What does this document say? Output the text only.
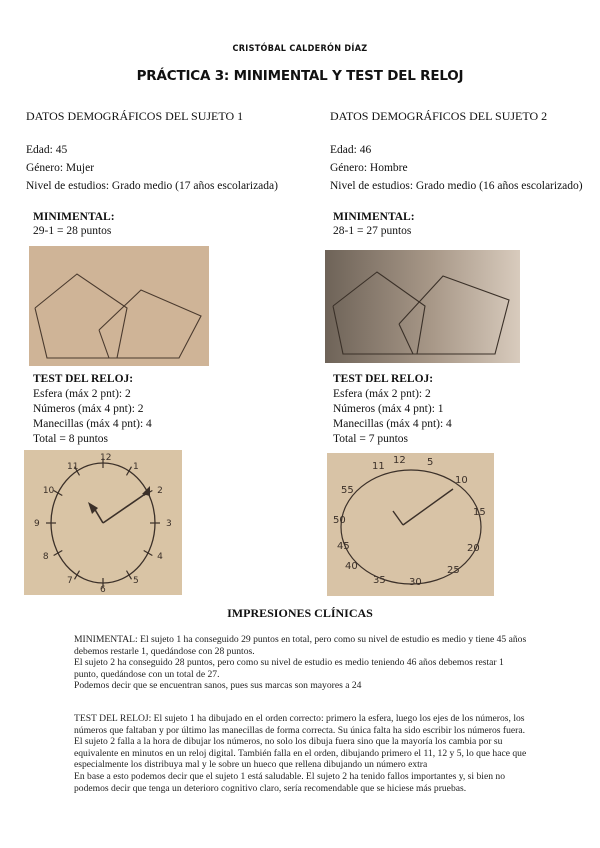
CRISTÓBAL CALDERÓN DÍAZ
PRÁCTICA 3: MINIMENTAL Y TEST DEL RELOJ
DATOS DEMOGRÁFICOS DEL SUJETO 1
Edad: 45
Género: Mujer
Nivel de estudios: Grado medio (17 años escolarizada)
MINIMENTAL:
29-1 = 28 puntos
DATOS DEMOGRÁFICOS DEL SUJETO 2
Edad: 46
Género: Hombre
Nivel de estudios: Grado medio (16 años escolarizado)
MINIMENTAL:
28-1 = 27 puntos
TEST DEL RELOJ:
Esfera (máx 2 pnt): 2
Números (máx 4 pnt): 2
Manecillas (máx 4 pnt): 4
Total = 8 puntos
TEST DEL RELOJ:
Esfera (máx 2 pnt): 2
Números (máx 4 pnt): 1
Manecillas (máx 4 pnt): 4
Total = 7 puntos
12
1
2
3
4
5
6
7
8
9
10
11	11
12 5
10
15
20
25
30
35
40
45
50
55
IMPRESIONES CLÍNICAS

MINIMENTAL: El sujeto 1 ha conseguido 29 puntos en total, pero como su nivel de estudio es medio y tiene 45 años debemos restarle 1, quedándose con 28 puntos.

El sujeto 2 ha conseguido 28 puntos, pero como su nivel de estudio es medio teniendo 46 años debemos restar 1 punto, quedándose con un total de 27.

Podemos decir que se encuentran sanos, pues sus marcas son mayores a 24

TEST DEL RELOJ: El sujeto 1 ha dibujado en el orden correcto: primero la esfera, luego los ejes de los números, los números que faltaban y por último las manecillas de forma correcta. Su única falta ha sido escribir los números fuera.

El sujeto 2 falla a la hora de dibujar los números, no solo los dibuja fuera sino que la mayoría los cambia por su equivalente en minutos en un reloj digital. También falla en el orden, dibujando primero el 11, 12 y 5, lo que hace que especialmente los distribuya mal y le sobre un hueco que rellena dibujando un número extra

En base a esto podemos decir que el sujeto 1 está saludable. El sujeto 2 ha tenido fallos importantes y, si bien no podemos decir que tenga un deterioro cognitivo claro, sería recomendable que se hiciese más pruebas.
